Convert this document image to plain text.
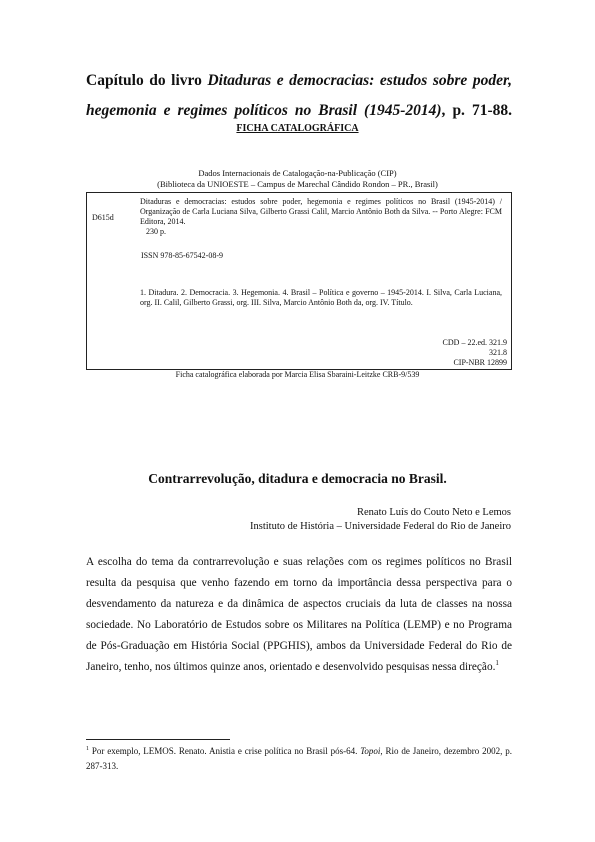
Capítulo do livro Ditaduras e democracias: estudos sobre poder, hegemonia e regimes políticos no Brasil (1945-2014), p. 71-88.
FICHA CATALOGRÁFICA
Dados Internacionais de Catalogação-na-Publicação (CIP)
(Biblioteca da UNIOESTE – Campus de Marechal Cândido Rondon – PR., Brasil)
D615d
Ditaduras e democracias: estudos sobre poder, hegemonia e regimes políticos no Brasil (1945-2014) / Organização de Carla Luciana Silva, Gilberto Grassi Calil, Marcio Antônio Both da Silva. -- Porto Alegre: FCM Editora, 2014.
230 p.
ISSN 978-85-67542-08-9
1. Ditadura. 2. Democracia. 3. Hegemonia. 4. Brasil – Política e governo – 1945-2014. I. Silva, Carla Luciana, org. II. Calil, Gilberto Grassi, org. III. Silva, Marcio Antônio Both da, org. IV. Título.
CDD – 22.ed. 321.9
321.8
CIP-NBR 12899
Ficha catalográfica elaborada por Marcia Elisa Sbaraini-Leitzke CRB-9/539
Contrarrevolução, ditadura e democracia no Brasil.
Renato Luís do Couto Neto e Lemos
Instituto de História – Universidade Federal do Rio de Janeiro
A escolha do tema da contrarrevolução e suas relações com os regimes políticos no Brasil resulta da pesquisa que venho fazendo em torno da importância dessa perspectiva para o desvendamento da natureza e da dinâmica de aspectos cruciais da luta de classes na nossa sociedade. No Laboratório de Estudos sobre os Militares na Política (LEMP) e no Programa de Pós-Graduação em História Social (PPGHIS), ambos da Universidade Federal do Rio de Janeiro, tenho, nos últimos quinze anos, orientado e desenvolvido pesquisas nessa direção.$^1$
$^1$ Por exemplo, LEMOS. Renato. Anistia e crise política no Brasil pós-64. Topoi, Rio de Janeiro, dezembro 2002, p. 287-313.
